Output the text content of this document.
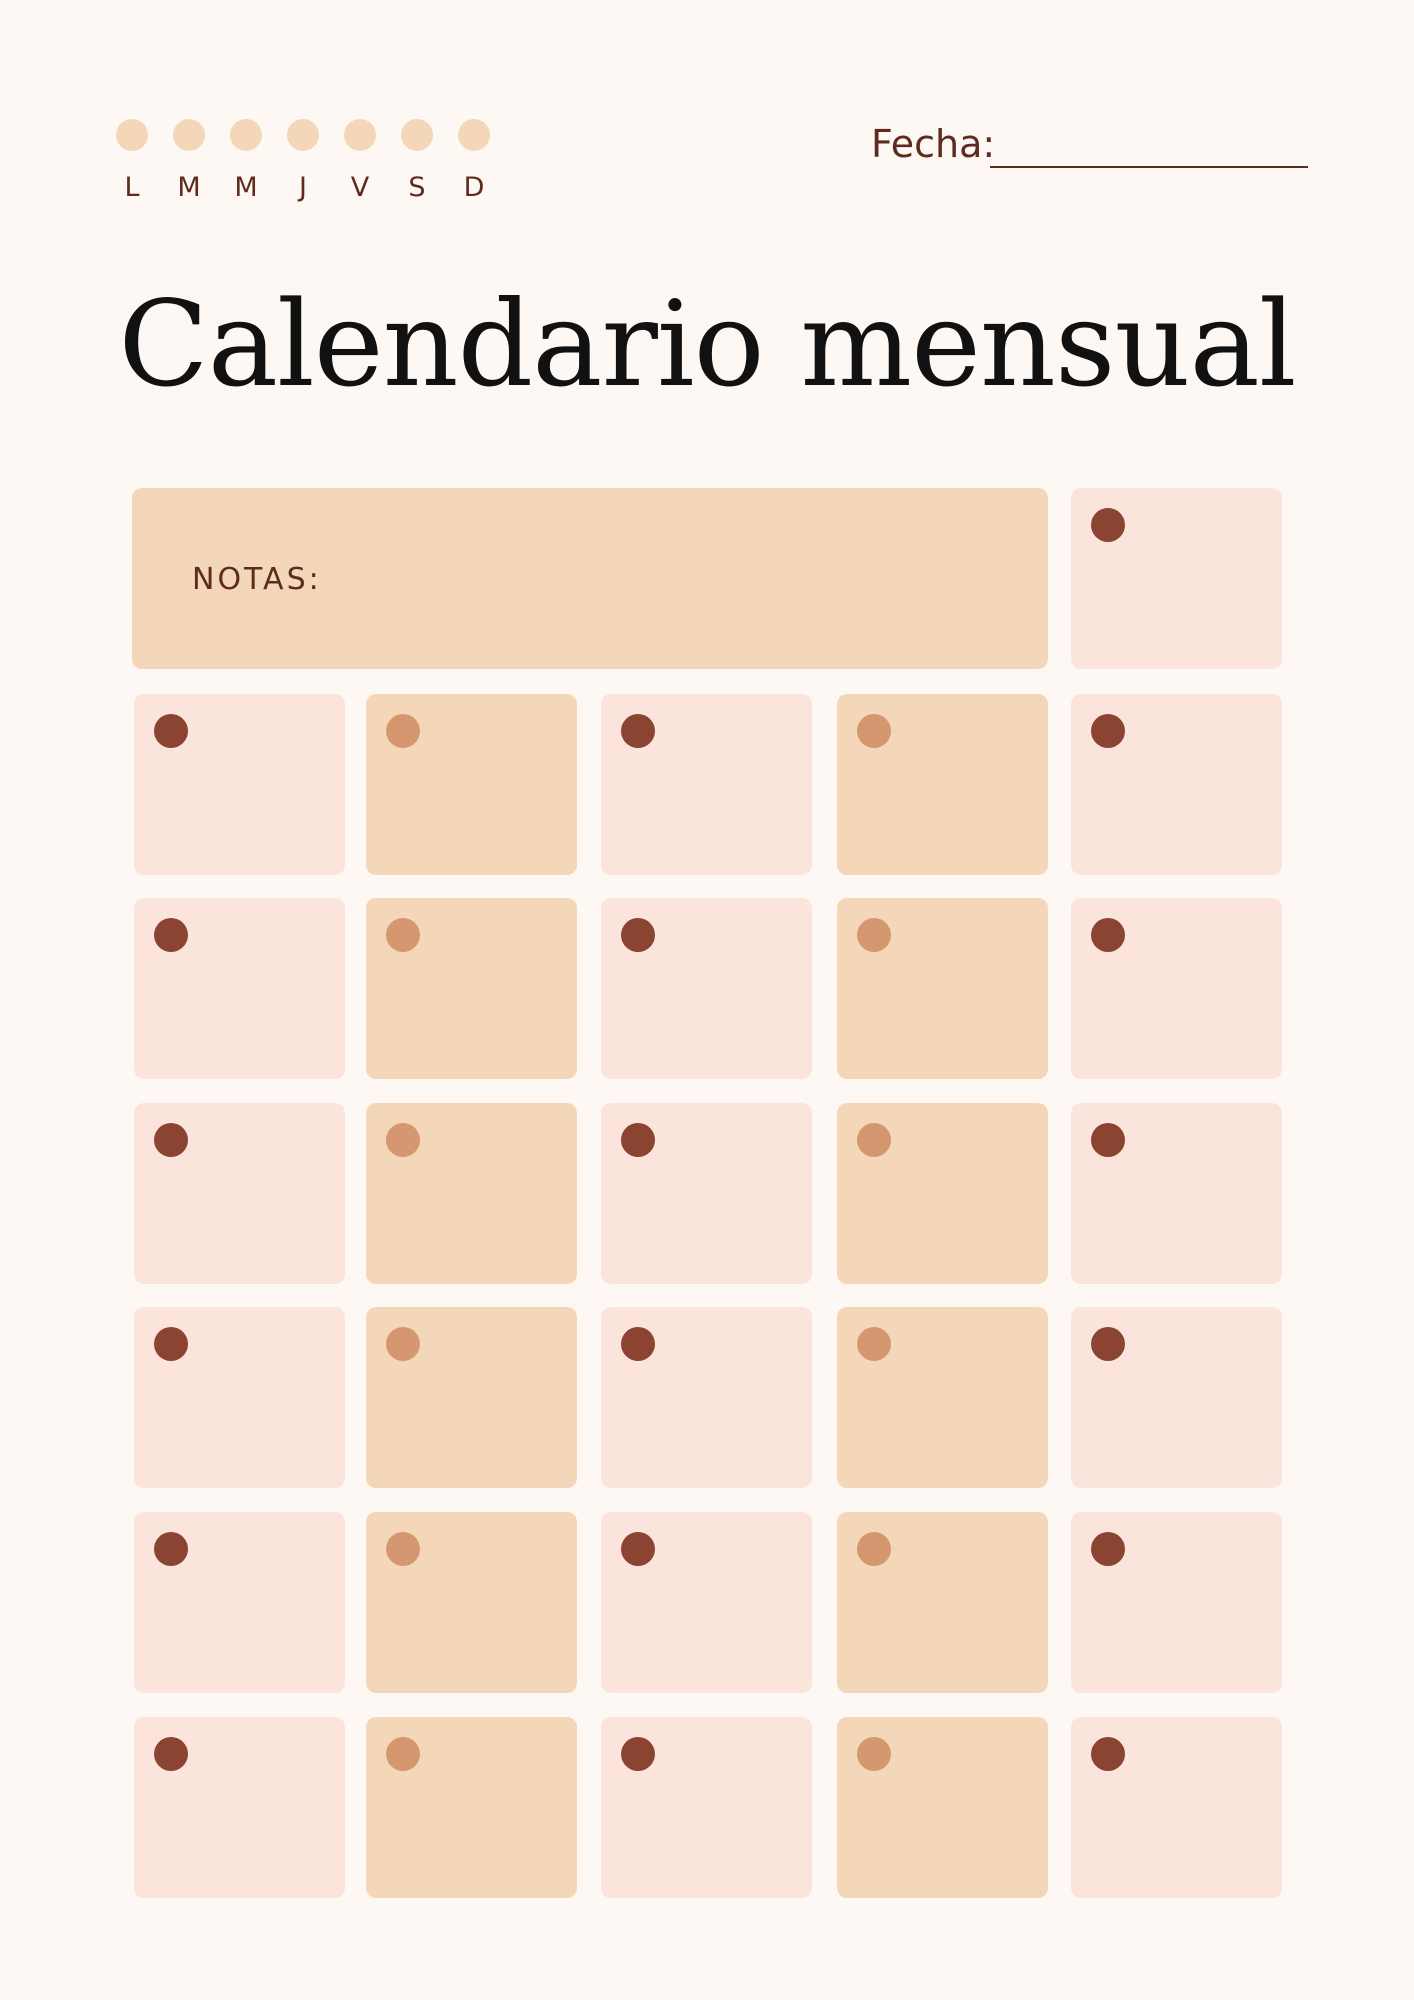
L	M M	J	V S D
Fecha:
Calendario mensual
NOTAS:
